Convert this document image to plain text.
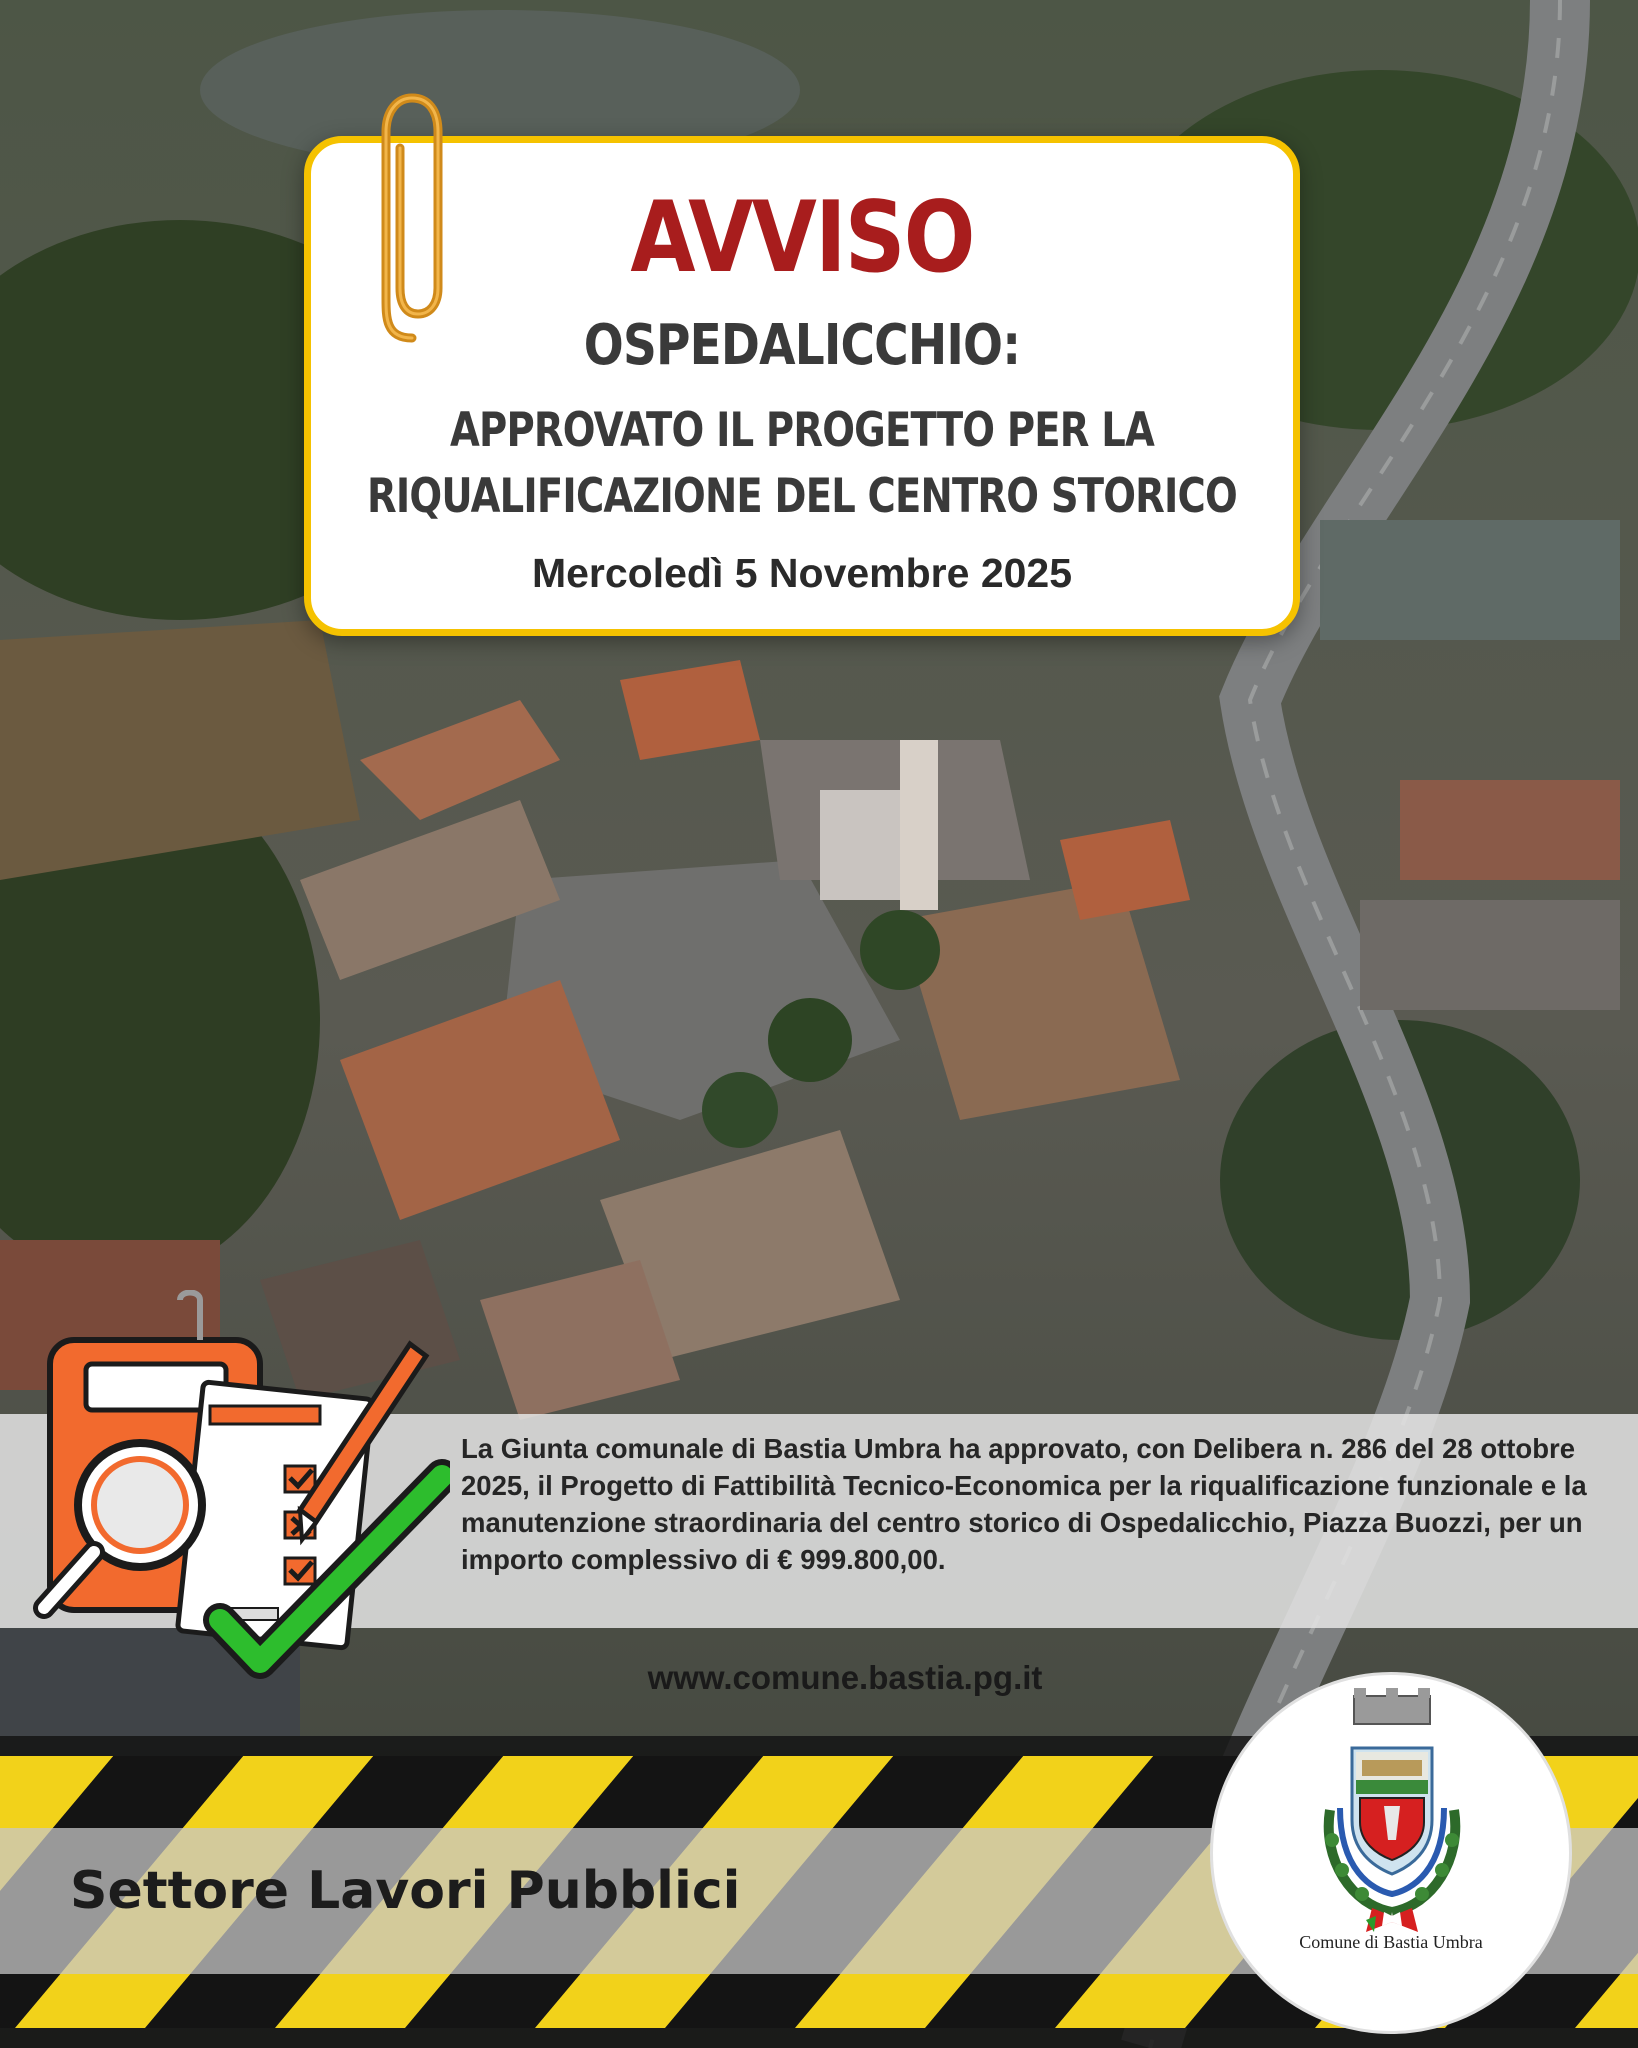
AVVISO
OSPEDALICCHIO:
APPROVATO IL PROGETTO PER LA
RIQUALIFICAZIONE DEL CENTRO STORICO
Mercoledì 5 Novembre 2025
La Giunta comunale di Bastia Umbra ha approvato, con Delibera n. 286 del 28 ottobre 2025, il Progetto di Fattibilità Tecnico-Economica per la riqualificazione funzionale e la manutenzione straordinaria del centro storico di Ospedalicchio, Piazza Buozzi, per un importo complessivo di € 999.800,00.
Settore Lavori Pubblici
www.comune.bastia.pg.it
Comune di Bastia Umbra
